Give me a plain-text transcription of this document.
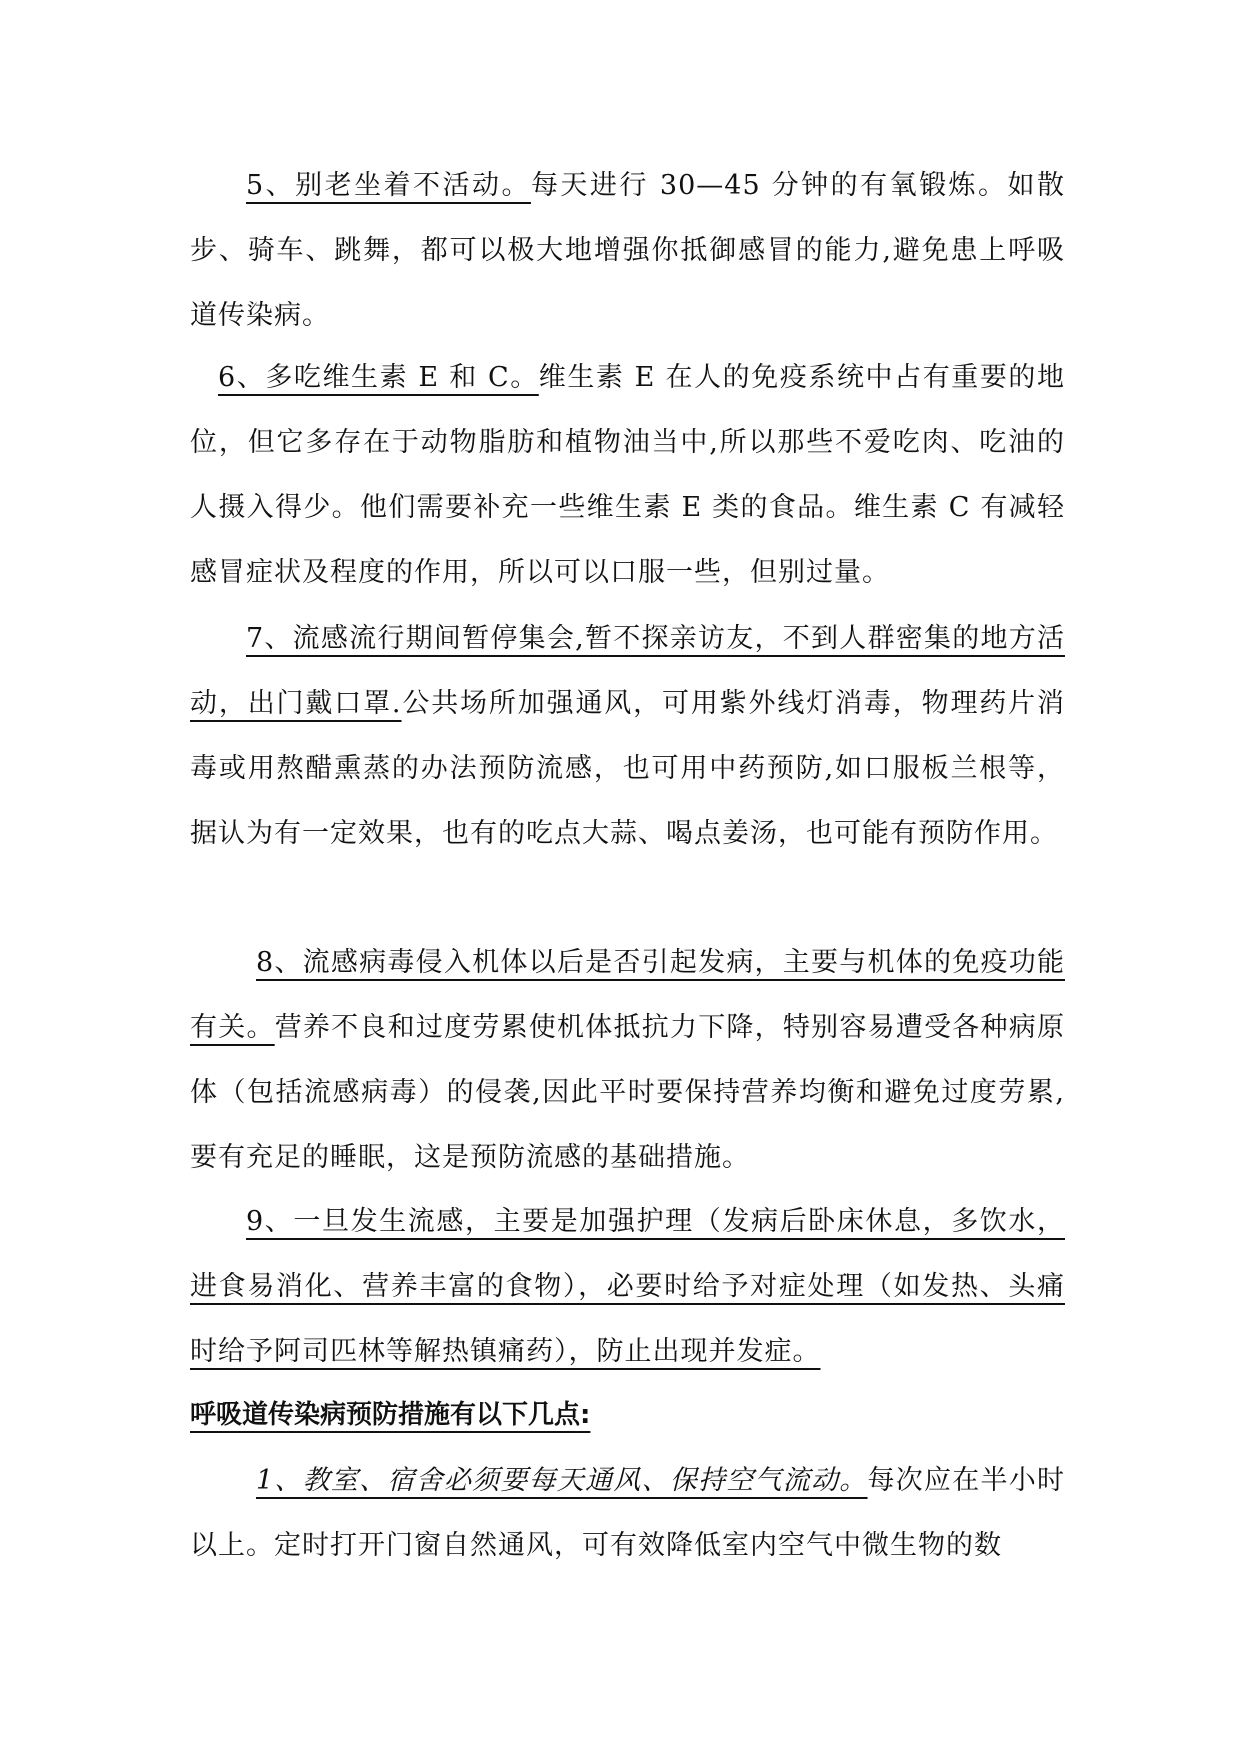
5、别老坐着不活动。每天进行 30—45 分钟的有氧锻炼。如散步、骑车、跳舞，都可以极大地增强你抵御感冒的能力,避免患上呼吸道传染病。

6、多吃维生素 E 和 C。维生素 E 在人的免疫系统中占有重要的地位，但它多存在于动物脂肪和植物油当中,所以那些不爱吃肉、吃油的人摄入得少。他们需要补充一些维生素 E 类的食品。维生素 C 有减轻感冒症状及程度的作用，所以可以口服一些，但别过量。

7、流感流行期间暂停集会,暂不探亲访友，不到人群密集的地方活动，出门戴口罩.公共场所加强通风，可用紫外线灯消毒，物理药片消毒或用熬醋熏蒸的办法预防流感，也可用中药预防,如口服板兰根等，据认为有一定效果，也有的吃点大蒜、喝点姜汤，也可能有预防作用。

8、流感病毒侵入机体以后是否引起发病，主要与机体的免疫功能有关。营养不良和过度劳累使机体抵抗力下降，特别容易遭受各种病原体（包括流感病毒）的侵袭,因此平时要保持营养均衡和避免过度劳累,要有充足的睡眠，这是预防流感的基础措施。

9、一旦发生流感，主要是加强护理（发病后卧床休息，多饮水，进食易消化、营养丰富的食物），必要时给予对症处理（如发热、头痛时给予阿司匹林等解热镇痛药），防止出现并发症。

呼吸道传染病预防措施有以下几点:

1、教室、宿舍必须要每天通风、保持空气流动。每次应在半小时以上。定时打开门窗自然通风，可有效降低室内空气中微生物的数
